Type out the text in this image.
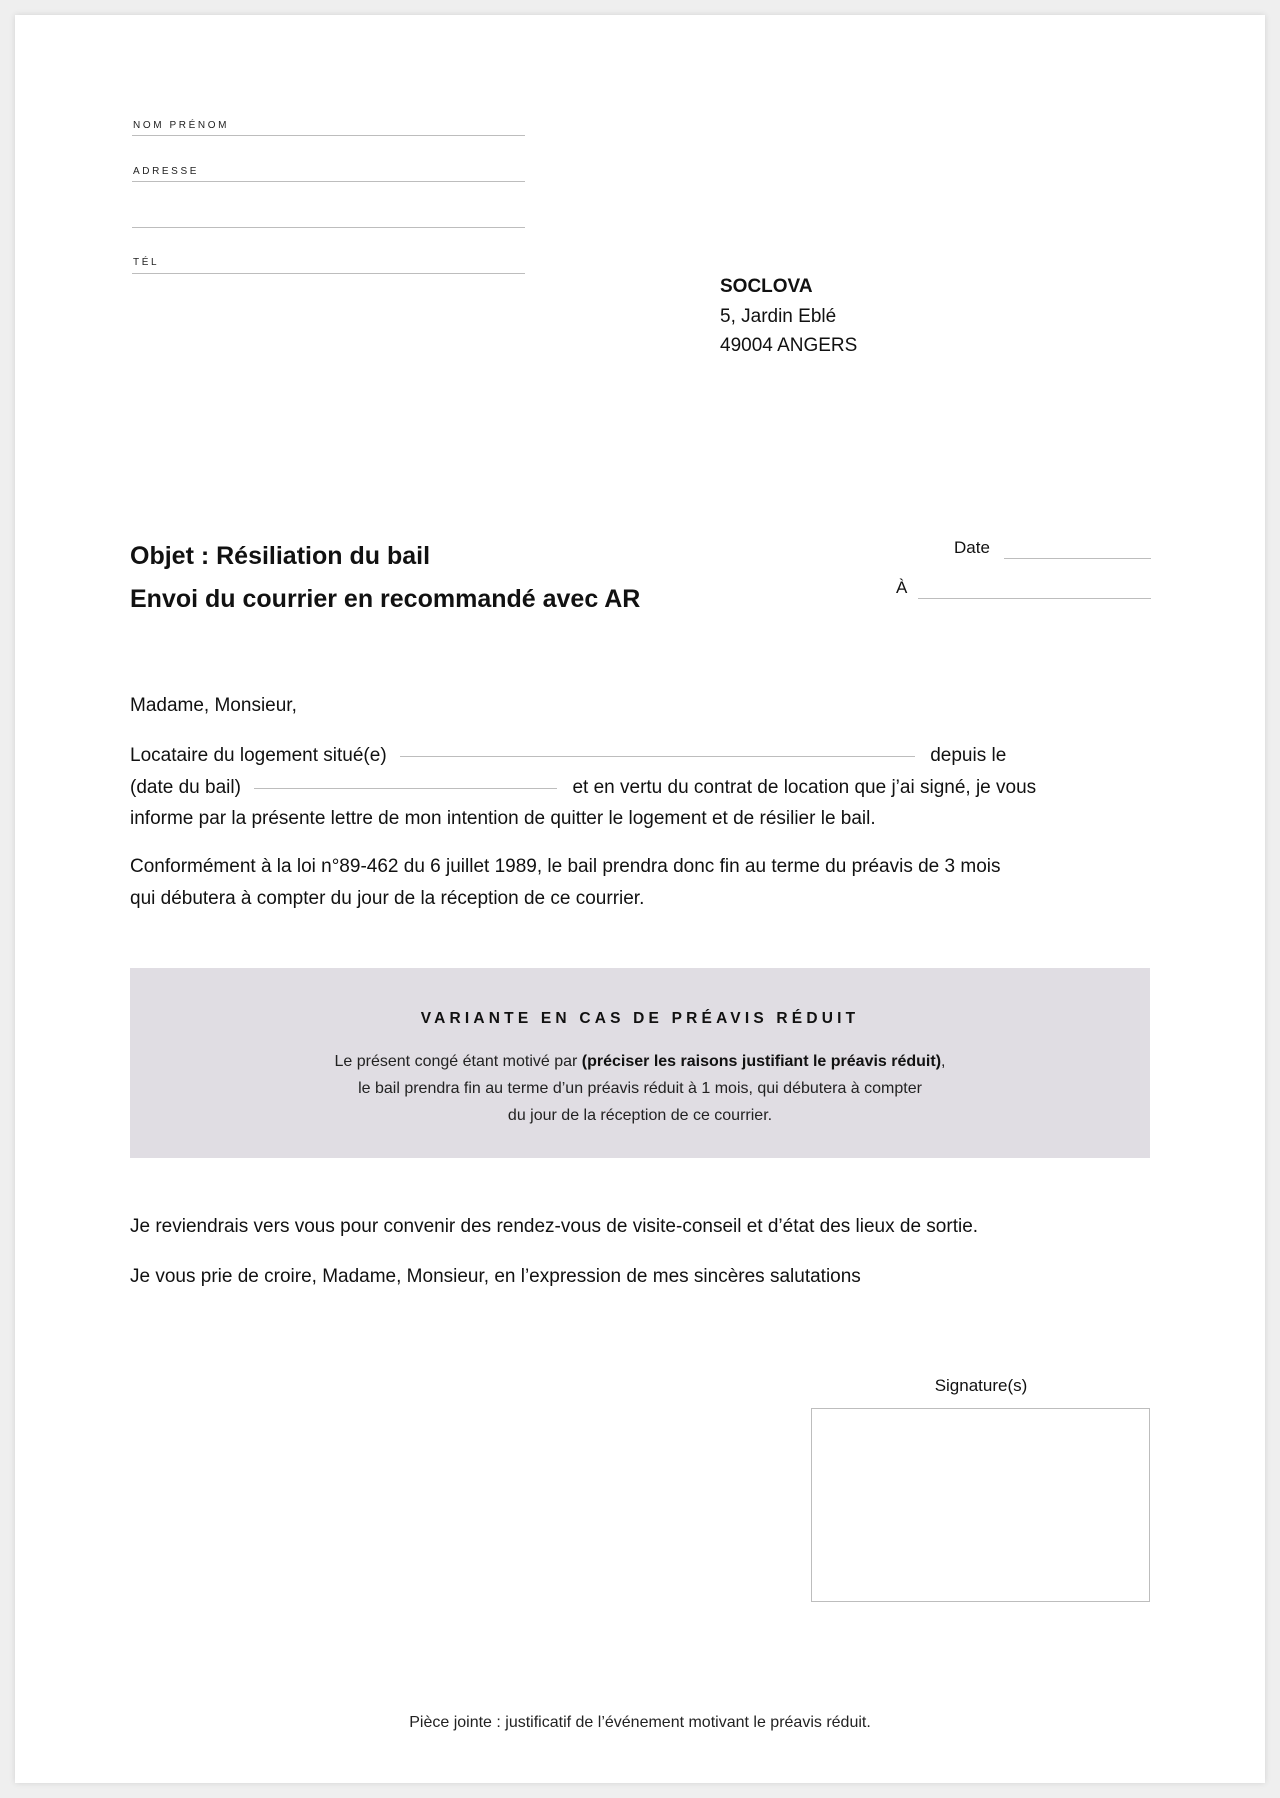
NOM PRÉNOM
ADRESSE
TÉL
SOCLOVA
5, Jardin Eblé
49004 ANGERS
Objet : Résiliation du bail
Envoi du courrier en recommandé avec AR
Date
À
Madame, Monsieur,
Locataire du logement situé(e)	depuis le
(date du bail)	et en vertu du contrat de location que j’ai signé, je vous
informe par la présente lettre de mon intention de quitter le logement et de résilier le bail.
Conformément à la loi n°89-462 du 6 juillet 1989, le bail prendra donc fin au terme du préavis de 3 mois
qui débutera à compter du jour de la réception de ce courrier.
VARIANTE EN CAS DE PRÉAVIS RÉDUIT
Le présent congé étant motivé par (préciser les raisons justifiant le préavis réduit),
le bail prendra fin au terme d’un préavis réduit à 1 mois, qui débutera à compter
du jour de la réception de ce courrier.
Je reviendrais vers vous pour convenir des rendez-vous de visite-conseil et d’état des lieux de sortie.
Je vous prie de croire, Madame, Monsieur, en l’expression de mes sincères salutations
Signature(s)
Pièce jointe : justificatif de l’événement motivant le préavis réduit.
